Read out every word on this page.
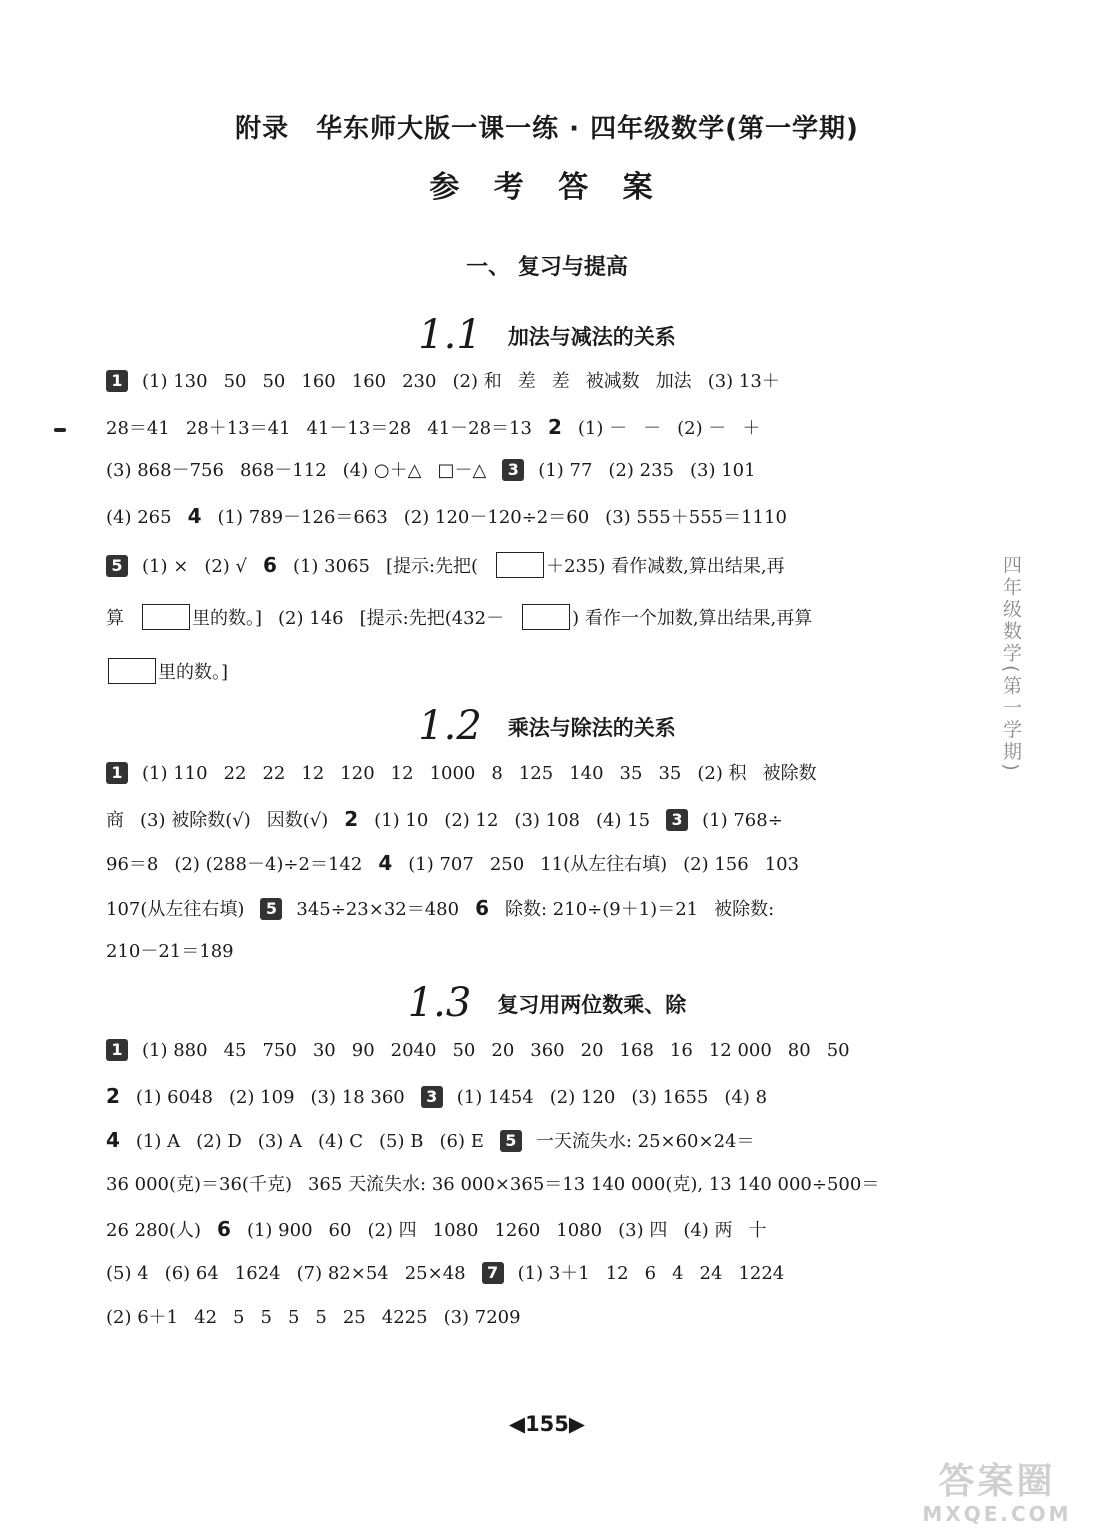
附录　华东师大版一课一练 · 四年级数学(第一学期)
参 考 答 案
一、 复习与提高
1.1 加法与减法的关系
1 (1) 130 50 50 160 160 230 (2) 和 差 差 被减数 加法 (3) 13＋
28＝41 28＋13＝41 41－13＝28 41－28＝13 2 (1) － － (2) － ＋
(3) 868－756 868－112 (4) ○＋△ □－△ 3 (1) 77 (2) 235 (3) 101
(4) 265 4 (1) 789－126＝663 (2) 120－120÷2＝60 (3) 555＋555＝1110
5 (1) × (2) √ 6 (1) 3065 [提示:先把(	＋235) 看作减数,算出结果,再
算	里的数。] (2) 146 [提示:先把(432－	) 看作一个加数,算出结果,再算
里的数。]
1.2 乘法与除法的关系
1 (1) 110 22 22 12 120 12 1000 8 125 140 35 35 (2) 积 被除数
商 (3) 被除数(√) 因数(√) 2 (1) 10 (2) 12 (3) 108 (4) 15 3 (1) 768÷
96＝8 (2) (288－4)÷2＝142 4 (1) 707 250 11(从左往右填) (2) 156 103
107(从左往右填) 5 345÷23×32＝480 6 除数: 210÷(9＋1)＝21 被除数:
210－21＝189
1.3 复习用两位数乘、除
1 (1) 880 45 750 30 90 2040 50 20 360 20 168 16 12 000 80 50
2 (1) 6048 (2) 109 (3) 18 360 3 (1) 1454 (2) 120 (3) 1655 (4) 8
4 (1) A (2) D (3) A (4) C (5) B (6) E 5 一天流失水: 25×60×24＝
36 000(克)＝36(千克) 365 天流失水: 36 000×365＝13 140 000(克), 13 140 000÷500＝
26 280(人) 6 (1) 900 60 (2) 四 1080 1260 1080 (3) 四 (4) 两 十
(5) 4 (6) 64 1624 (7) 82×54 25×48 7 (1) 3＋1 12 6 4 24 1224
(2) 6＋1 42 5 5 5 5 25 4225 (3) 7209
四年级数学(第一学期)
◀155▶
答案圈
MXQE.COM
